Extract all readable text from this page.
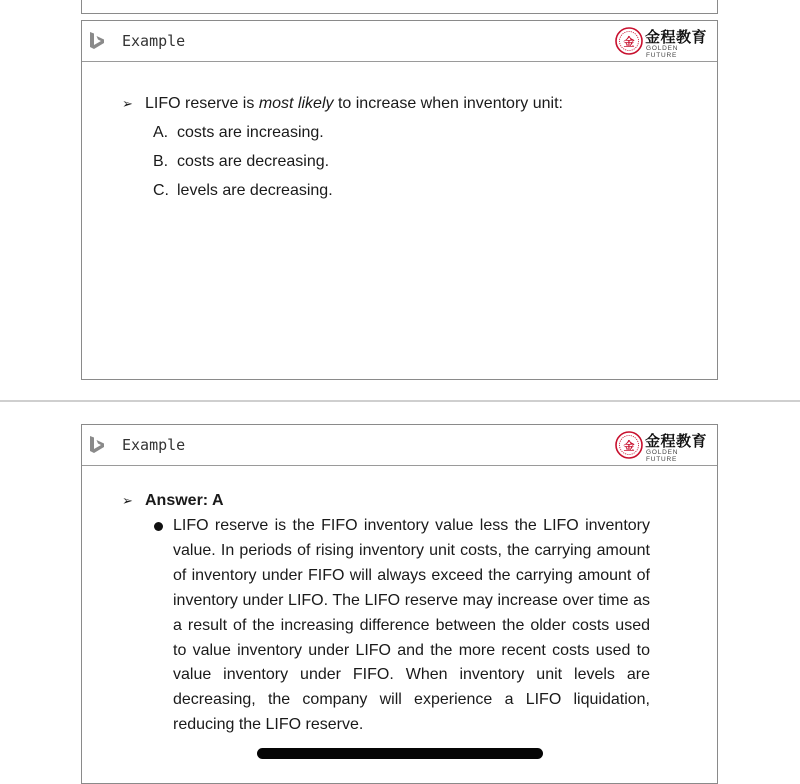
Example	金 金程教育
GOLDEN FUTURE
➢ LIFO reserve is most likely to increase when inventory unit:
A. costs are increasing.
B. costs are decreasing.
C. levels are decreasing.
Example	金 金程教育
GOLDEN FUTURE
➢ Answer: A
LIFO reserve is the FIFO inventory value less the LIFO inventory value. In periods of rising inventory unit costs, the carrying amount of inventory under FIFO will always exceed the carrying amount of inventory under LIFO. The LIFO reserve may increase over time as a result of the increasing difference between the older costs used to value inventory under LIFO and the more recent costs used to value inventory under FIFO. When inventory unit levels are decreasing, the company will experience a LIFO liquidation, reducing the LIFO reserve.
